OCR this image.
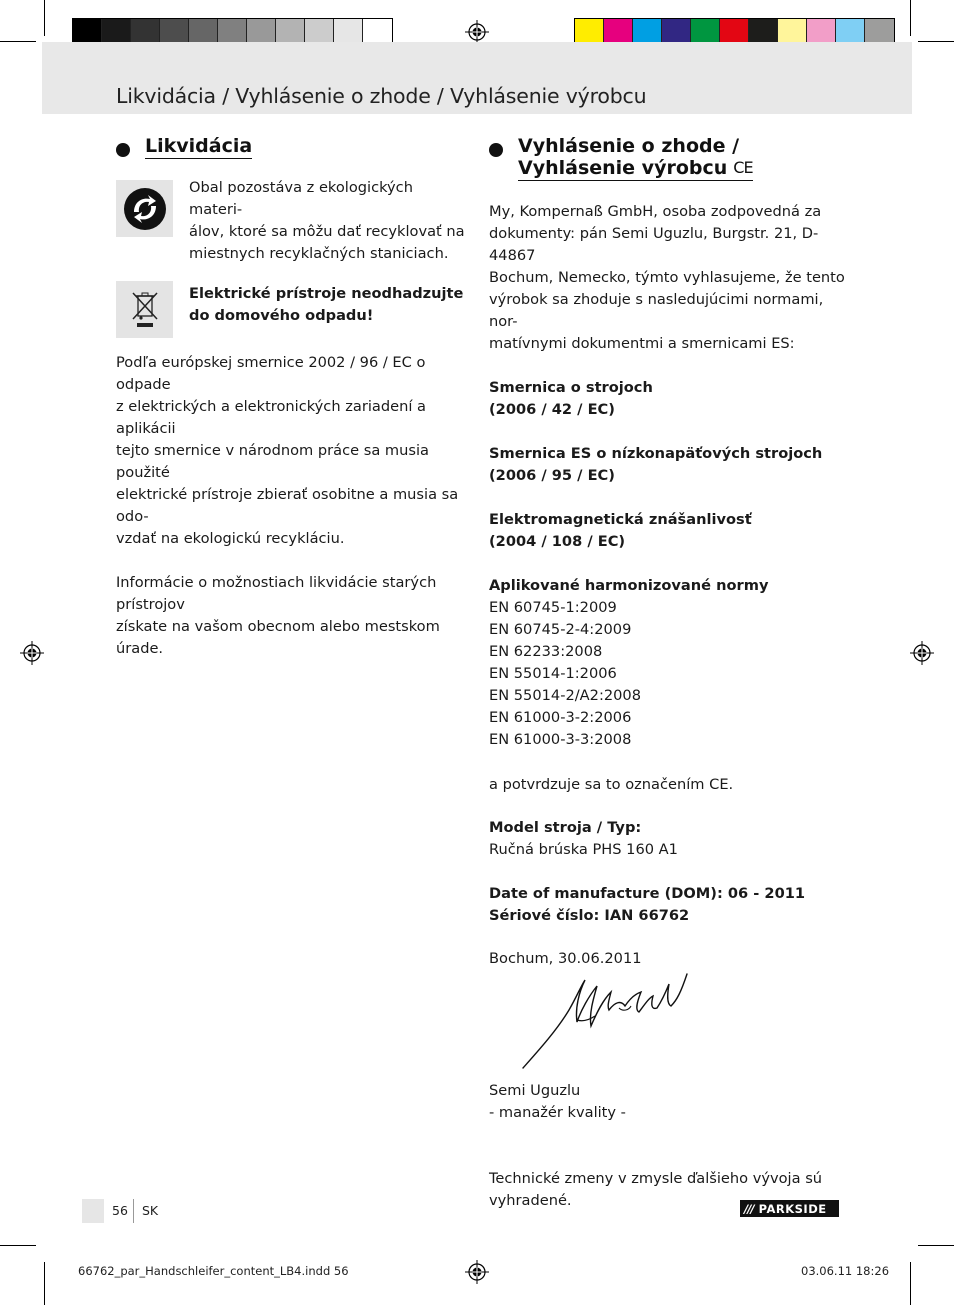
Likvidácia / Vyhlásenie o zhode / Vyhlásenie výrobcu
Likvidácia
Obal pozostáva z ekologických materi-
álov, ktoré sa môžu dať recyklovať na
miestnych recyklačných staniciach.
Elektrické prístroje neodhadzujte
do domového odpadu!
Podľa európskej smernice 2002 / 96 / EC o odpade
z elektrických a elektronických zariadení a aplikácii
tejto smernice v národnom práce sa musia použité
elektrické prístroje zbierať osobitne a musia sa odo-
vzdať na ekologickú recykláciu.
Informácie o možnostiach likvidácie starých prístrojov
získate na vašom obecnom alebo mestskom úrade.
Vyhlásenie o zhode /
Vyhlásenie výrobcu CE
My, Kompernaß GmbH, osoba zodpovedná za
dokumenty: pán Semi Uguzlu, Burgstr. 21, D-44867
Bochum, Nemecko, týmto vyhlasujeme, že tento
výrobok sa zhoduje s nasledujúcimi normami, nor-
matívnymi dokumentmi a smernicami ES:
Smernica o strojoch
(2006 / 42 / EC)
Smernica ES o nízkonapäťových strojoch
(2006 / 95 / EC)
Elektromagnetická znášanlivosť
(2004 / 108 / EC)
Aplikované harmonizované normy
EN 60745-1:2009
EN 60745-2-4:2009
EN 62233:2008
EN 55014-1:2006
EN 55014-2/A2:2008
EN 61000-3-2:2006
EN 61000-3-3:2008
a potvrdzuje sa to označením CE.
Model stroja / Typ:
Ručná brúska PHS 160 A1
Date of manufacture (DOM): 06 - 2011
Sériové číslo: IAN 66762
Bochum, 30.06.2011
Semi Uguzlu
- manažér kvality -
Technické zmeny v zmysle ďalšieho vývoja sú
vyhradené.
56 SK	/// PARKSIDE
66762_par_Handschleifer_content_LB4.indd 56	03.06.11 18:26
